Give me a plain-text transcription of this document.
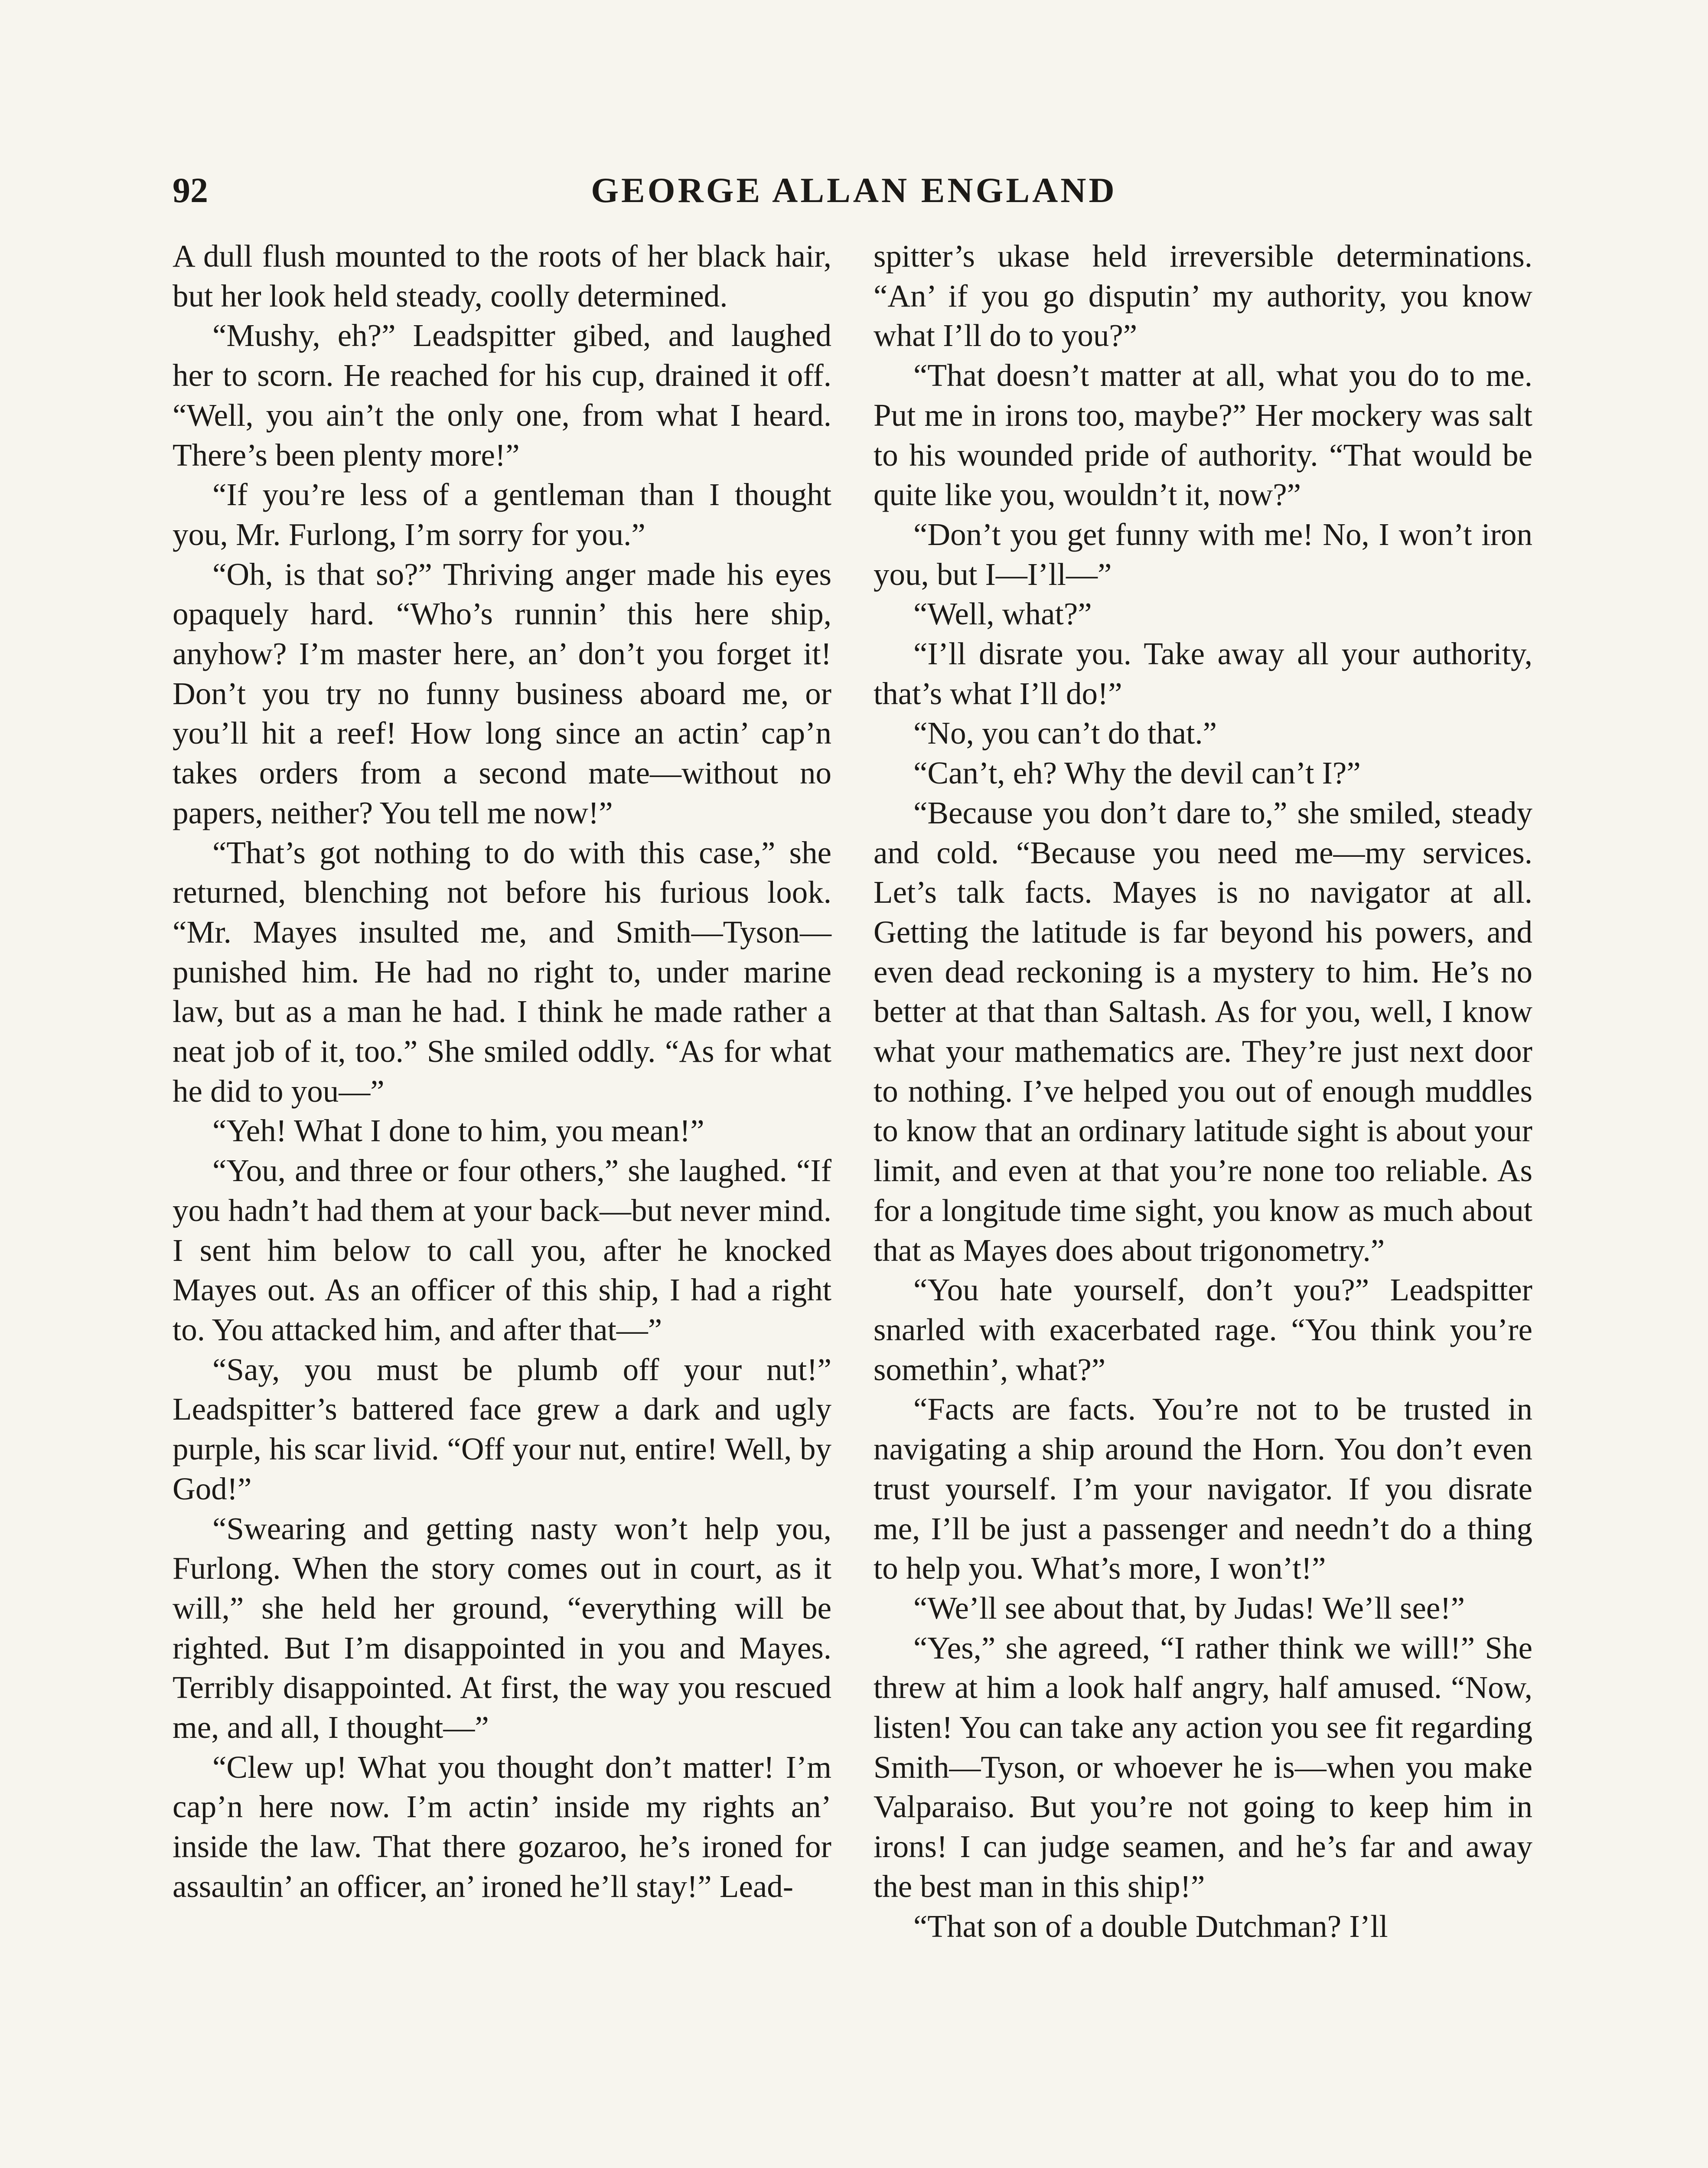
92	GEORGE ALLAN ENGLAND

A dull flush mounted to the roots of her black hair, but her look held steady, coolly determined.

“Mushy, eh?” Leadspitter gibed, and laughed her to scorn. He reached for his cup, drained it off. “Well, you ain’t the only one, from what I heard. There’s been plenty more!”

“If you’re less of a gentleman than I thought you, Mr. Furlong, I’m sorry for you.”

“Oh, is that so?” Thriving anger made his eyes opaquely hard. “Who’s runnin’ this here ship, anyhow? I’m master here, an’ don’t you forget it! Don’t you try no funny business aboard me, or you’ll hit a reef! How long since an actin’ cap’n takes orders from a second mate—without no papers, neither? You tell me now!”

“That’s got nothing to do with this case,” she returned, blenching not before his furious look. “Mr. Mayes insulted me, and Smith—Tyson—punished him. He had no right to, under marine law, but as a man he had. I think he made rather a neat job of it, too.” She smiled oddly. “As for what he did to you—”

“Yeh! What I done to him, you mean!”

“You, and three or four others,” she laughed. “If you hadn’t had them at your back—but never mind. I sent him below to call you, after he knocked Mayes out. As an officer of this ship, I had a right to. You attacked him, and after that—”

“Say, you must be plumb off your nut!” Leadspitter’s battered face grew a dark and ugly purple, his scar livid. “Off your nut, entire! Well, by God!”

“Swearing and getting nasty won’t help you, Furlong. When the story comes out in court, as it will,” she held her ground, “everything will be righted. But I’m disappointed in you and Mayes. Terribly disappointed. At first, the way you rescued me, and all, I thought—”

“Clew up! What you thought don’t matter! I’m cap’n here now. I’m actin’ inside my rights an’ inside the law. That there gozaroo, he’s ironed for assaultin’ an officer, an’ ironed he’ll stay!” Lead-

spitter’s ukase held irreversible determinations. “An’ if you go disputin’ my authority, you know what I’ll do to you?”

“That doesn’t matter at all, what you do to me. Put me in irons too, maybe?” Her mockery was salt to his wounded pride of authority. “That would be quite like you, wouldn’t it, now?”

“Don’t you get funny with me! No, I won’t iron you, but I—I’ll—”

“Well, what?”

“I’ll disrate you. Take away all your authority, that’s what I’ll do!”

“No, you can’t do that.”

“Can’t, eh? Why the devil can’t I?”

“Because you don’t dare to,” she smiled, steady and cold. “Because you need me—my services. Let’s talk facts. Mayes is no navigator at all. Getting the latitude is far beyond his powers, and even dead reckoning is a mystery to him. He’s no better at that than Saltash. As for you, well, I know what your mathematics are. They’re just next door to nothing. I’ve helped you out of enough muddles to know that an ordinary latitude sight is about your limit, and even at that you’re none too reliable. As for a longitude time sight, you know as much about that as Mayes does about trigonometry.”

“You hate yourself, don’t you?” Leadspitter snarled with exacerbated rage. “You think you’re somethin’, what?”

“Facts are facts. You’re not to be trusted in navigating a ship around the Horn. You don’t even trust yourself. I’m your navigator. If you disrate me, I’ll be just a passenger and needn’t do a thing to help you. What’s more, I won’t!”

“We’ll see about that, by Judas! We’ll see!”

“Yes,” she agreed, “I rather think we will!” She threw at him a look half angry, half amused. “Now, listen! You can take any action you see fit regarding Smith—Tyson, or whoever he is—when you make Valparaiso. But you’re not going to keep him in irons! I can judge seamen, and he’s far and away the best man in this ship!”

“That son of a double Dutchman? I’ll
